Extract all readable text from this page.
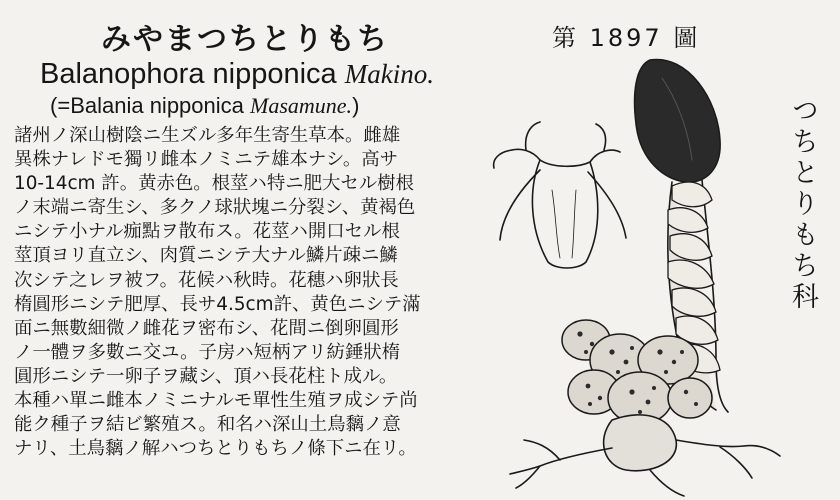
みやまつちとりもち	第 1897 圖
Balanophora nipponica Makino.
(=Balania nipponica Masamune.)
諸州ノ深山樹陰ニ生ズル多年生寄生草本。雌雄
異株ナレドモ獨リ雌本ノミニテ雄本ナシ。高サ
10-14cm 許。黄赤色。根莖ハ特ニ肥大セル樹根
ノ末端ニ寄生シ、多クノ球狀塊ニ分裂シ、黄褐色
ニシテ小ナル痂點ヲ散布ス。花莖ハ開口セル根
莖頂ヨリ直立シ、肉質ニシテ大ナル鱗片疎ニ鱗
次シテ之レヲ被フ。花候ハ秋時。花穗ハ卵狀長
楕圓形ニシテ肥厚、長サ4.5cm許、黄色ニシテ滿
面ニ無數細微ノ雌花ヲ密布シ、花間ニ倒卵圓形
ノ一體ヲ多數ニ交ユ。子房ハ短柄アリ紡錘狀楕
圓形ニシテ一卵子ヲ藏シ、頂ハ長花柱ト成ル。
本種ハ單ニ雌本ノミニナルモ單性生殖ヲ成シテ尚
能ク種子ヲ結ビ繁殖ス。和名ハ深山土鳥黐ノ意
ナリ、土鳥黐ノ解ハつちとりもちノ條下ニ在リ。
つちとりもち科
